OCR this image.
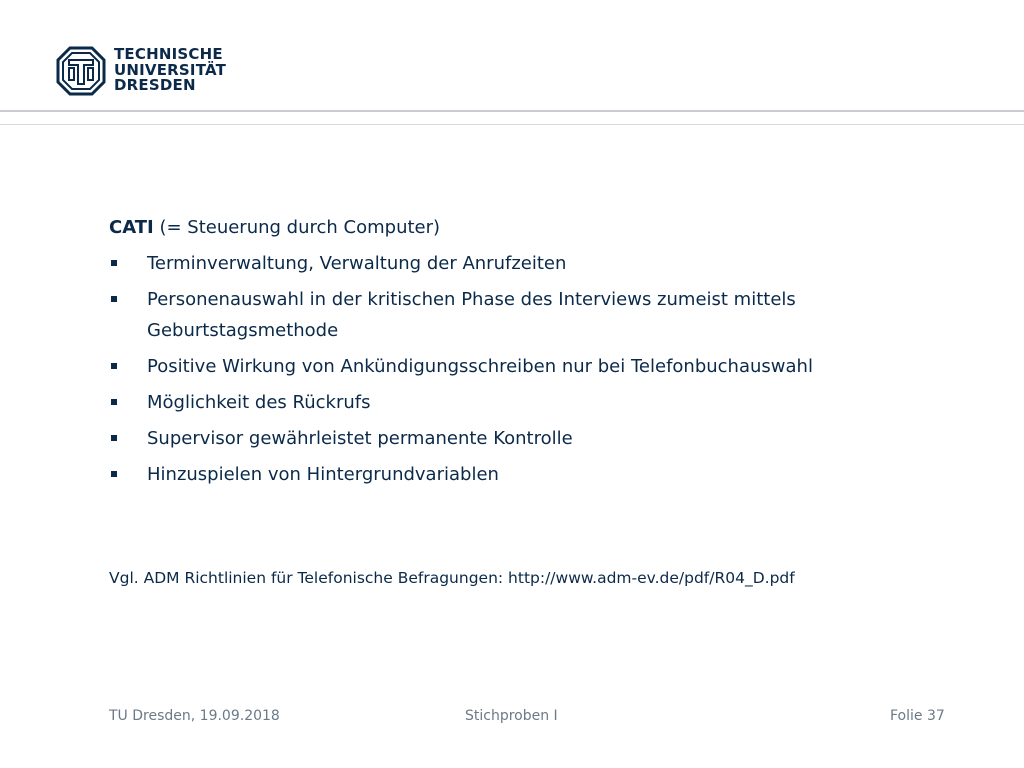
TECHNISCHE
UNIVERSITÄT
DRESDEN
CATI (= Steuerung durch Computer)
Terminverwaltung, Verwaltung der Anrufzeiten
Personenauswahl in der kritischen Phase des Interviews zumeist mittels Geburtstagsmethode
Positive Wirkung von Ankündigungsschreiben nur bei Telefonbuchauswahl
Möglichkeit des Rückrufs
Supervisor gewährleistet permanente Kontrolle
Hinzuspielen von Hintergrundvariablen
Vgl. ADM Richtlinien für Telefonische Befragungen: http://www.adm-ev.de/pdf/R04_D.pdf
TU Dresden, 19.09.2018	Stichproben I	Folie 37
